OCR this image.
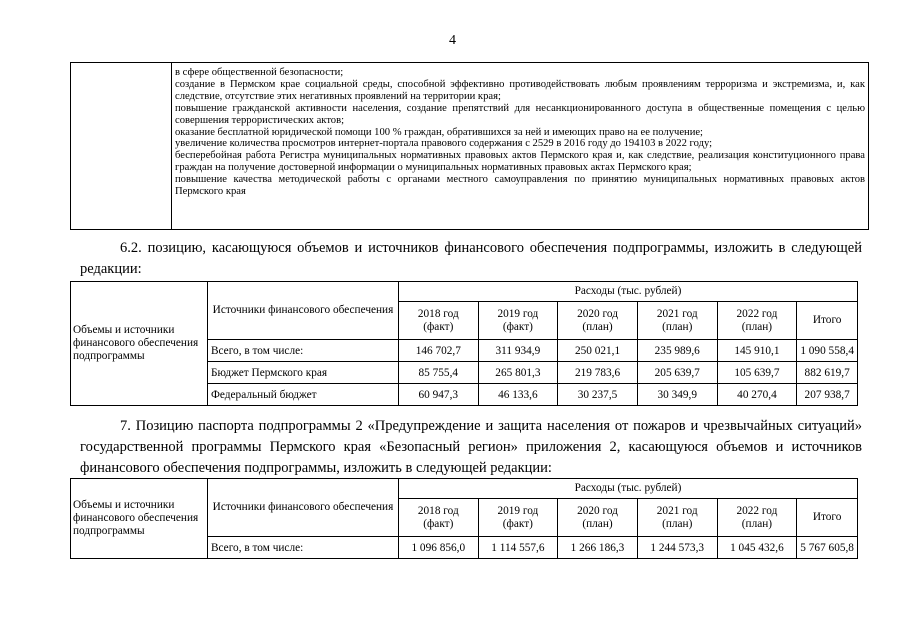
4
в сфере общественной безопасности;
создание в Пермском крае социальной среды, способной эффективно противодействовать любым проявлениям терроризма и экстремизма, и, как следствие, отсутствие этих негативных проявлений на территории края;
повышение гражданской активности населения, создание препятствий для несанкционированного доступа в общественные помещения с целью совершения террористических актов;
оказание бесплатной юридической помощи 100 % граждан, обратившихся за ней и имеющих право на ее получение;
увеличение количества просмотров интернет-портала правового содержания с 2529 в 2016 году до 194103 в 2022 году;
бесперебойная работа Регистра муниципальных нормативных правовых актов Пермского края и, как следствие, реализация конституционного права граждан на получение достоверной информации о муниципальных нормативных правовых актах Пермского края;
повышение качества методической работы с органами местного самоуправления по принятию муниципальных нормативных правовых актов Пермского края
6.2. позицию, касающуюся объемов и источников финансового обеспечения подпрограммы, изложить в следующей редакции:
Объемы и источники финансового обеспечения подпрограммы	Источники финансового обеспечения	Расходы (тыс. рублей)					
		2018 год (факт)	2019 год (факт)	2020 год (план)	2021 год (план)	2022 год (план)	Итого
	Всего, в том числе:	146 702,7	311 934,9	250 021,1	235 989,6	145 910,1	1 090 558,4
	Бюджет Пермского края	85 755,4	265 801,3	219 783,6	205 639,7	105 639,7	882 619,7
	Федеральный бюджет	60 947,3	46 133,6	30 237,5	30 349,9	40 270,4	207 938,7
7. Позицию паспорта подпрограммы 2 «Предупреждение и защита населения от пожаров и чрезвычайных ситуаций» государственной программы Пермского края «Безопасный регион» приложения 2, касающуюся объемов и источников финансового обеспечения подпрограммы, изложить в следующей редакции:
Объемы и источники финансового обеспечения подпрограммы	Источники финансового обеспечения	Расходы (тыс. рублей)					
		2018 год (факт)	2019 год (факт)	2020 год (план)	2021 год (план)	2022 год (план)	Итого
	Всего, в том числе:	1 096 856,0	1 114 557,6	1 266 186,3	1 244 573,3	1 045 432,6	5 767 605,8
